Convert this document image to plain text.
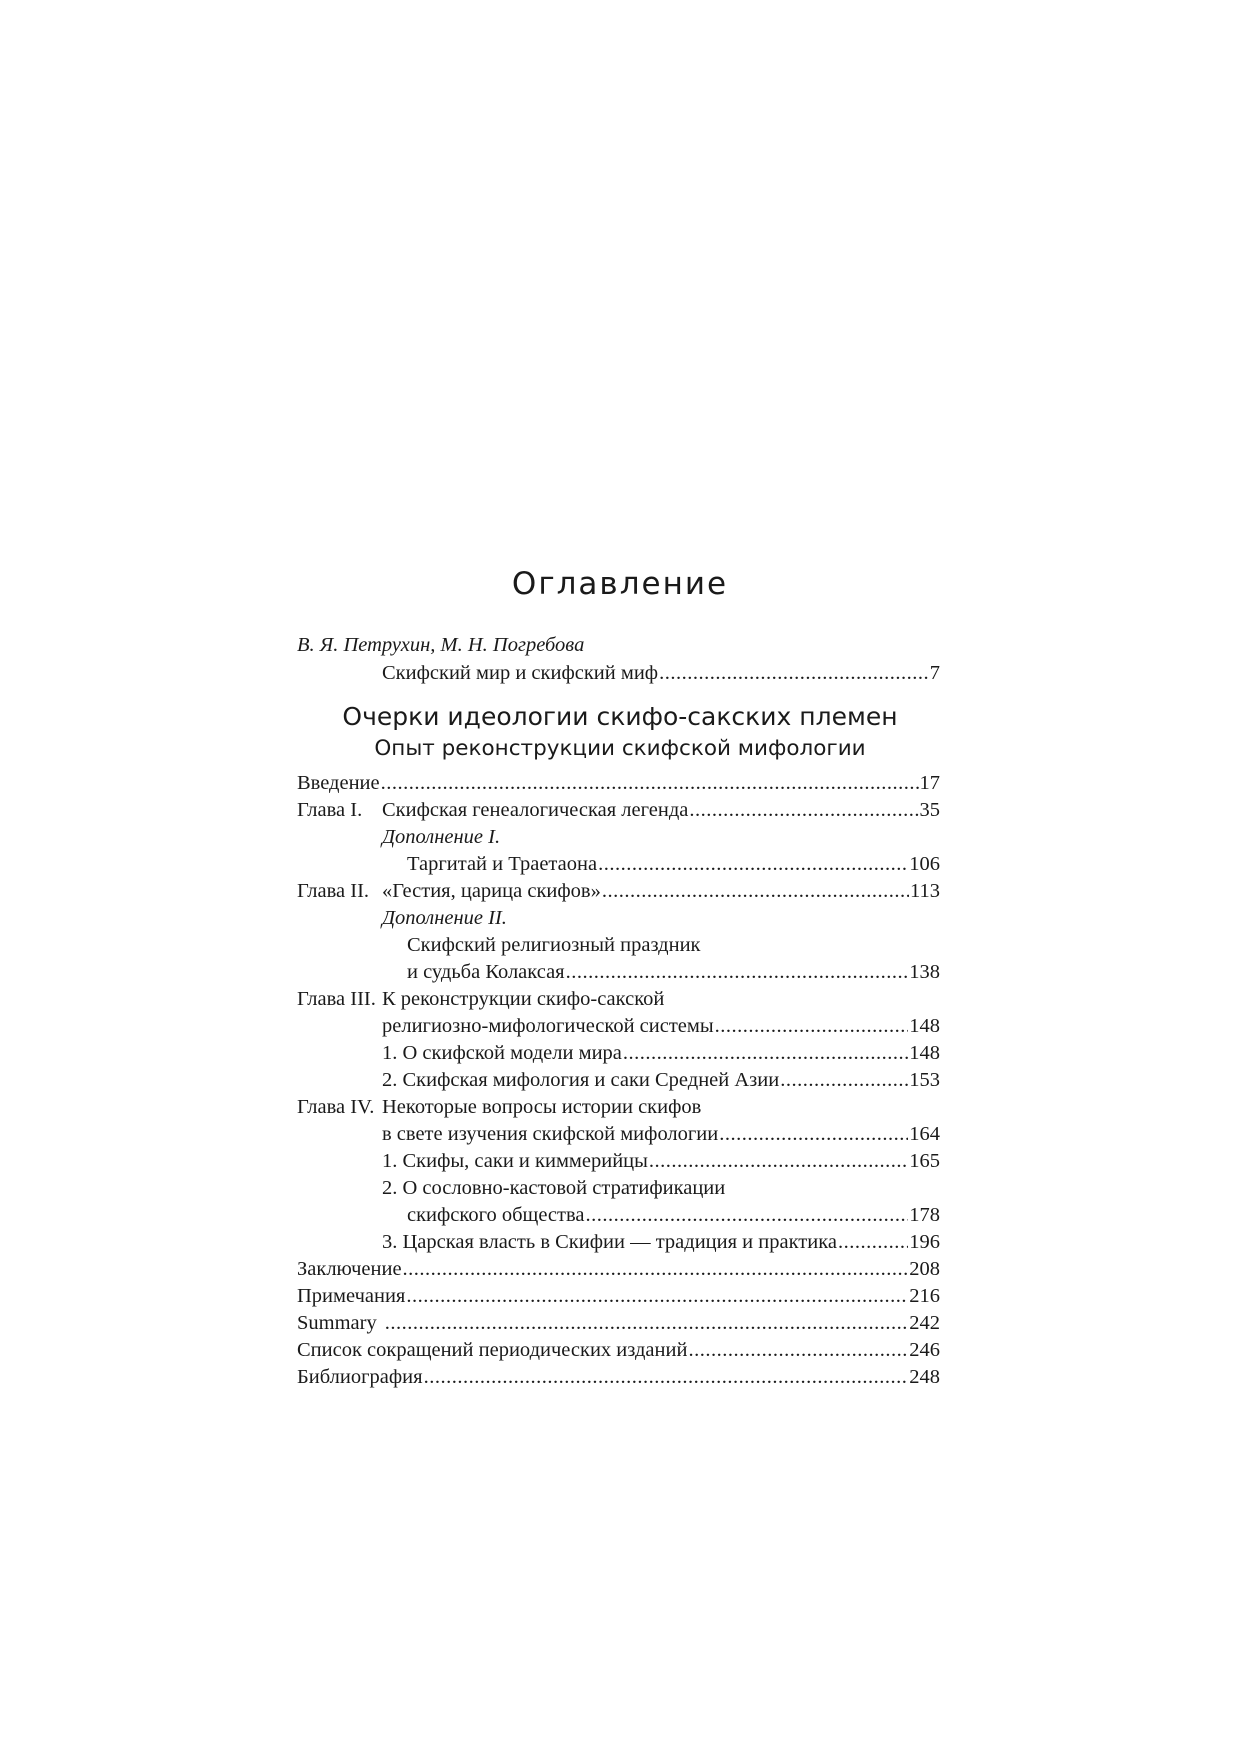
Оглавление
В. Я. Петрухин, М. Н. Погребова
Скифский мир и скифский миф .....	7
Очерки идеологии скифо-сакских племен
Опыт реконструкции скифской мифологии
Введение .....	17
Глава I. Скифская генеалогическая легенда .....	35
Дополнение I.
Таргитай и Траетаона .....	106
Глава II. «Гестия, царица скифов» .....	113
Дополнение II.
Скифский религиозный праздник
и судьба Колаксая .....	138
Глава III. К реконструкции скифо-сакской
религиозно-мифологической системы .....	148
1. О скифской модели мира .....	148
2. Скифская мифология и саки Средней Азии .....	153
Глава IV. Некоторые вопросы истории скифов
в свете изучения скифской мифологии .....	164
1. Скифы, саки и киммерийцы .....	165
2. О сословно-кастовой стратификации
скифского общества .....	178
3. Царская власть в Скифии — традиция и практика .....	196
Заключение .....	208
Примечания .....	216
Summary .....	242
Список сокращений периодических изданий .....	246
Библиография .....	248
